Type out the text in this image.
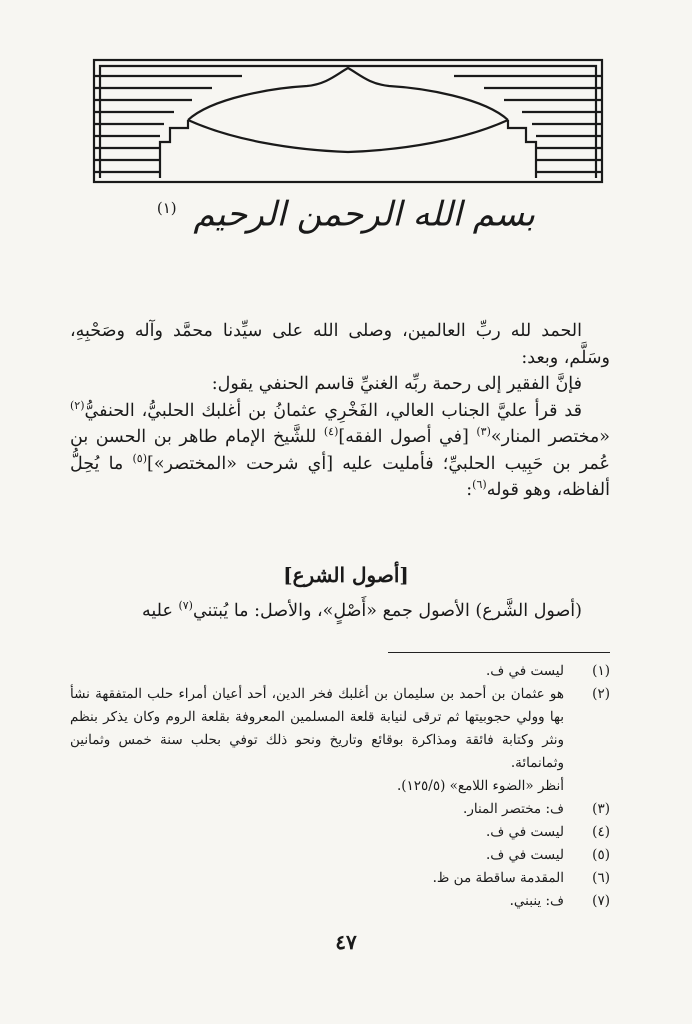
بسم الله الرحمن الرحيم $^{(١)}$

الحمد لله ربِّ العالمين، وصلى الله على سيِّدنا محمَّد وآله وصَحْبِهِ، وسَلَّم، وبعد:

فإنَّ الفقير إلى رحمة ربِّه الغنيِّ قاسم الحنفي يقول:

قد قرأ عليَّ الجناب العالي، الفَخْرِي عثمانُ بن أغلبك الحلبيُّ، الحنفيُّ$^{(٢)}$ «مختصر المنار»$^{(٣)}$ [في أصول الفقه]$^{(٤)}$ للشَّيخ الإمام طاهر بن الحسن بن عُمر بن حَبِيب الحلبيِّ؛ فأمليت عليه [أي شرحت «المختصر»]$^{(٥)}$ ما يُحِلُّ ألفاظه، وهو قوله$^{(٦)}$:

[أصول الشرع]

(أصول الشَّرع) الأصول جمع «أَصْلٍ»، والأصل: ما يُبتني$^{(٧)}$ عليه

(١)
ليست في ف.
(٢)
هو عثمان بن أحمد بن سليمان بن أغلبك فخر الدين، أحد أعيان أمراء حلب المتفقهة نشأ بها وولي حجوبيتها ثم ترقى لنيابة قلعة المسلمين المعروفة بقلعة الروم وكان يذكر بنظم ونثر وكتابة فائقة ومذاكرة بوقائع وتاريخ ونحو ذلك توفي بحلب سنة خمس وثمانين وثمانمائة.
أنظر «الضوء اللامع» (١٢٥/٥).
(٣)
ف: مختصر المنار.
(٤)
ليست في ف.
(٥)
ليست في ف.
(٦)
المقدمة ساقطة من ظ.
(٧)
ف: ينبني.
٤٧
